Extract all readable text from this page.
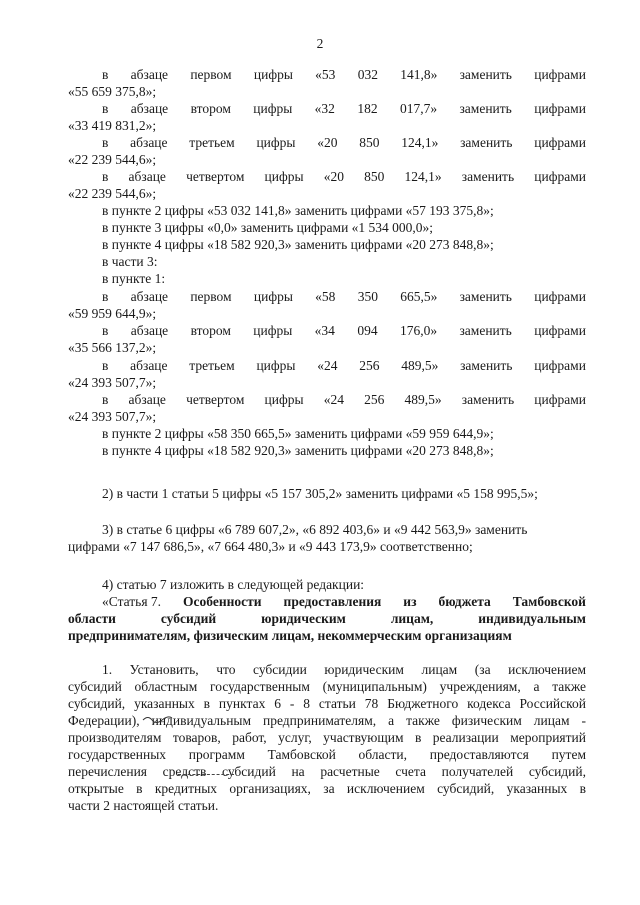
2
в абзаце первом цифры «53 032 141,8» заменить цифрами
«55 659 375,8»;
в абзаце втором цифры «32 182 017,7» заменить цифрами
«33 419 831,2»;
в абзаце третьем цифры «20 850 124,1» заменить цифрами
«22 239 544,6»;
в абзаце четвертом цифры «20 850 124,1» заменить цифрами
«22 239 544,6»;
в пункте 2 цифры «53 032 141,8» заменить цифрами «57 193 375,8»;
в пункте 3 цифры «0,0» заменить цифрами «1 534 000,0»;
в пункте 4 цифры «18 582 920,3» заменить цифрами «20 273 848,8»;
в части 3:
в пункте 1:
в абзаце первом цифры «58 350 665,5» заменить цифрами
«59 959 644,9»;
в абзаце втором цифры «34 094 176,0» заменить цифрами
«35 566 137,2»;
в абзаце третьем цифры «24 256 489,5» заменить цифрами
«24 393 507,7»;
в абзаце четвертом цифры «24 256 489,5» заменить цифрами
«24 393 507,7»;
в пункте 2 цифры «58 350 665,5» заменить цифрами «59 959 644,9»;
в пункте 4 цифры «18 582 920,3» заменить цифрами «20 273 848,8»;
2) в части 1 статьи 5 цифры «5 157 305,2» заменить цифрами «5 158 995,5»;
3) в статье 6 цифры «6 789 607,2», «6 892 403,6» и «9 442 563,9» заменить
цифрами «7 147 686,5», «7 664 480,3» и «9 443 173,9» соответственно;
4) статью 7 изложить в следующей редакции:
«Статья 7. Особенности предоставления из бюджета Тамбовской
области	субсидий	юридическим	лицам,	индивидуальным
предпринимателям, физическим лицам, некоммерческим организациям
1. Установить, что субсидии юридическим лицам (за исключением
субсидий областным государственным (муниципальным) учреждениям, а также
субсидий, указанных в пунктах 6 - 8 статьи 78 Бюджетного кодекса Российской
Федерации), индивидуальным предпринимателям, а также физическим лицам -
производителям товаров, работ, услуг, участвующим в реализации мероприятий
государственных программ Тамбовской области, предоставляются путем
перечисления средств субсидий на расчетные счета получателей субсидий,
открытые в кредитных организациях, за исключением субсидий, указанных в
части 2 настоящей статьи.
